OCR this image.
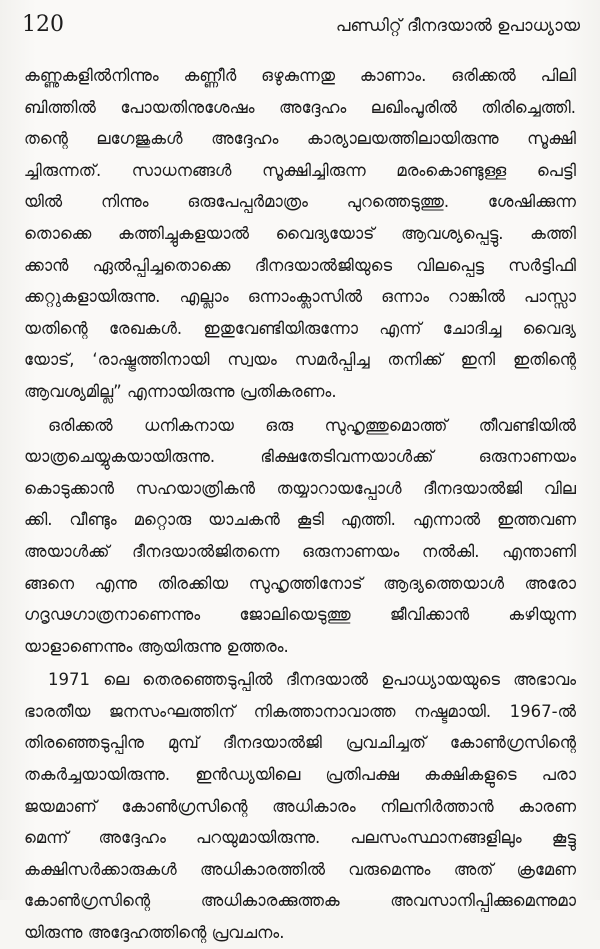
120	പണ്ഡിറ്റ് ദീനദയാൽ ഉപാധ്യായ
കണ്ണുകളിൽനിന്നും കണ്ണീർ ഒഴുകുന്നതു കാണാം. ഒരിക്കൽ പിലി
ബിത്തിൽ പോയതിനുശേഷം അദ്ദേഹം ലഖിംപൂരിൽ തിരിച്ചെത്തി.
തന്റെ ലഗേജുകൾ അദ്ദേഹം കാര്യാലയത്തിലായിരുന്നു സൂക്ഷി
ച്ചിരുന്നത്. സാധനങ്ങൾ സൂക്ഷിച്ചിരുന്ന മരംകൊണ്ടുള്ള പെട്ടി
യിൽ നിന്നും ഒരുപേപ്പർമാത്രം പുറത്തെടുത്തു. ശേഷിക്കുന്ന
തൊക്കെ കത്തിച്ചുകളയാൽ വൈദ്യയോട് ആവശ്യപ്പെട്ടു. കത്തി
ക്കാൻ ഏൽപ്പിച്ചതൊക്കെ ദീനദയാൽജിയുടെ വിലപ്പെട്ട സർട്ടിഫി
ക്കറ്റുകളായിരുന്നു. എല്ലാം ഒന്നാംക്ലാസിൽ ഒന്നാം റാങ്കിൽ പാസ്സാ
യതിന്റെ രേഖകൾ. ഇതുവേണ്ടിയിരുന്നോ എന്ന് ചോദിച്ച വൈദ്യ
യോട്, ‘രാഷ്ട്രത്തിനായി സ്വയം സമർപ്പിച്ച തനിക്ക് ഇനി ഇതിന്റെ
ആവശ്യമില്ല” എന്നായിരുന്നു പ്രതികരണം.
ഒരിക്കൽ ധനികനായ ഒരു സുഹൃത്തുമൊത്ത് തീവണ്ടിയിൽ
യാത്രചെയ്യുകയായിരുന്നു. ഭിക്ഷതേടിവന്നയാൾക്ക് ഒരുനാണയം
കൊടുക്കാൻ സഹയാത്രികൻ തയ്യാറായപ്പോൾ ദീനദയാൽജി വില
ക്കി. വീണ്ടും മറ്റൊരു യാചകൻ കൂടി എത്തി. എന്നാൽ ഇത്തവണ
അയാൾക്ക് ദീനദയാൽജിതന്നെ ഒരുനാണയം നൽകി. എന്താണി
ങ്ങനെ എന്നു തിരക്കിയ സുഹൃത്തിനോട് ആദ്യത്തെയാൾ അരോ
ഗദൃഢഗാത്രനാണെന്നും ജോലിയെടുത്തു ജീവിക്കാൻ കഴിയുന്ന
യാളാണെന്നും ആയിരുന്നു ഉത്തരം.
1971 ലെ തെരഞ്ഞെടുപ്പിൽ ദീനദയാൽ ഉപാധ്യായയുടെ അഭാവം
ഭാരതീയ ജനസംഘത്തിന് നികത്താനാവാത്ത നഷ്ടമായി. 1967-ൽ
തിരഞ്ഞെടുപ്പിനു മുമ്പ് ദീനദയാൽജി പ്രവചിച്ചത് കോൺഗ്രസിന്റെ
തകർച്ചയായിരുന്നു. ഇൻഡ്യയിലെ പ്രതിപക്ഷ കക്ഷികളുടെ പരാ
ജയമാണ് കോൺഗ്രസിന്റെ അധികാരം നിലനിർത്താൻ കാരണ
മെന്ന് അദ്ദേഹം പറയുമായിരുന്നു. പലസംസ്ഥാനങ്ങളിലും കൂട്ടു
കക്ഷിസർക്കാരുകൾ അധികാരത്തിൽ വരുമെന്നും അത് ക്രമേണ
കോൺഗ്രസിന്റെ അധികാരക്കുത്തക അവസാനിപ്പിക്കുമെന്നുമാ
യിരുന്നു അദ്ദേഹത്തിന്റെ പ്രവചനം.
